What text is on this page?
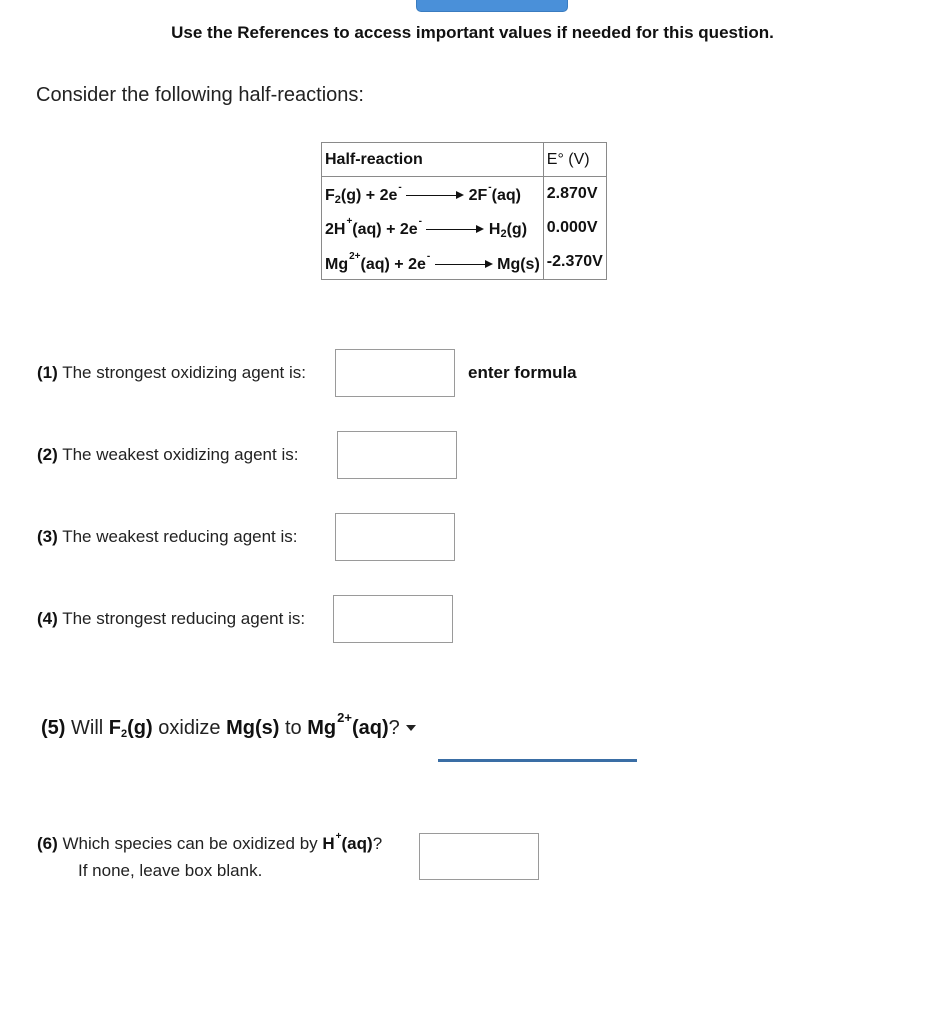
Use the References to access important values if needed for this question.
Consider the following half-reactions:
Half-reaction	E° (V)
$F_2(g) + 2e^-$ 2F-(aq)	2.870V
2H+(aq) + 2e- $H_2(g)$	0.000V
$Mg^{2+}(aq) + 2e^-$ Mg(s)	-2.370V
(1) The strongest oxidizing agent is:	enter formula
(2) The weakest oxidizing agent is:
(3) The weakest reducing agent is:
(4) The strongest reducing agent is:
(5) Will $F_2(g)$ oxidize Mg(s) to $Mg^{2+}(aq)$?
(6) Which species can be oxidized by H+(aq)?
If none, leave box blank.
